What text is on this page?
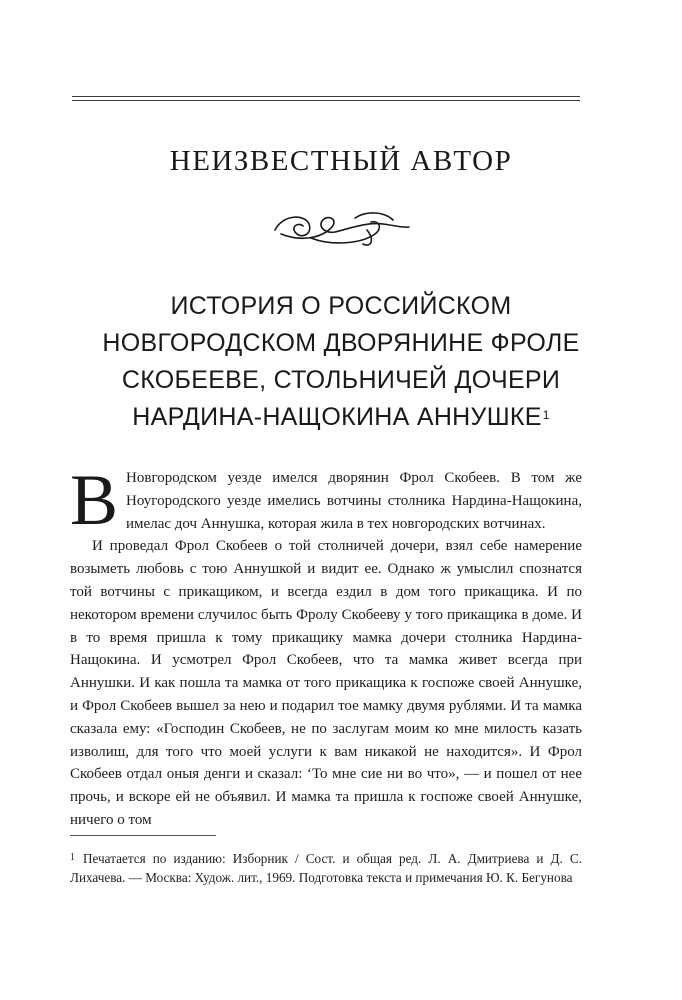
НЕИЗВЕСТНЫЙ АВТОР
ИСТОРИЯ О РОССИЙСКОМ
НОВГОРОДСКОМ ДВОРЯНИНЕ ФРОЛЕ
СКОБЕЕВЕ, СТОЛЬНИЧЕЙ ДОЧЕРИ
НАРДИНА-НАЩОКИНА АННУШКЕ$^1$

В Новгородском уезде имелся дворянин Фрол Скобеев. В том же Ноугородского уезде имелись вотчины столника Нардина-Нащокина, имелас доч Аннушка, которая жила в тех новгородских вотчинах.

И проведал Фрол Скобеев о той столничей дочери, взял себе намерение возыметь любовь с тою Аннушкой и видит ее. Однако ж умыслил спознатся той вотчины с прикащиком, и всегда ездил в дом того прикащика. И по некотором времени случилос быть Фролу Скобееву у того прикащика в доме. И в то время пришла к тому прикащику мамка дочери столника Нардина-Нащокина. И усмотрел Фрол Скобеев, что та мамка живет всегда при Аннушки. И как пошла та мамка от того прикащика к госпоже своей Аннушке, и Фрол Скобеев вышел за нею и подарил тое мамку двумя рублями. И та мамка сказала ему: «Господин Скобеев, не по заслугам моим ко мне милость казать изволиш, для того что моей услуги к вам никакой не находится». И Фрол Скобеев отдал оныя денги и сказал: ‘То мне сие ни во что», — и пошел от нее прочь, и вскоре ей не объявил. И мамка та пришла к госпоже своей Аннушке, ничего о том

$^1$ Печатается по изданию: Изборник / Сост. и общая ред. Л. А. Дмитриева и Д. С. Лихачева. — Москва: Худож. лит., 1969. Подготовка текста и примечания Ю. К. Бегунова
